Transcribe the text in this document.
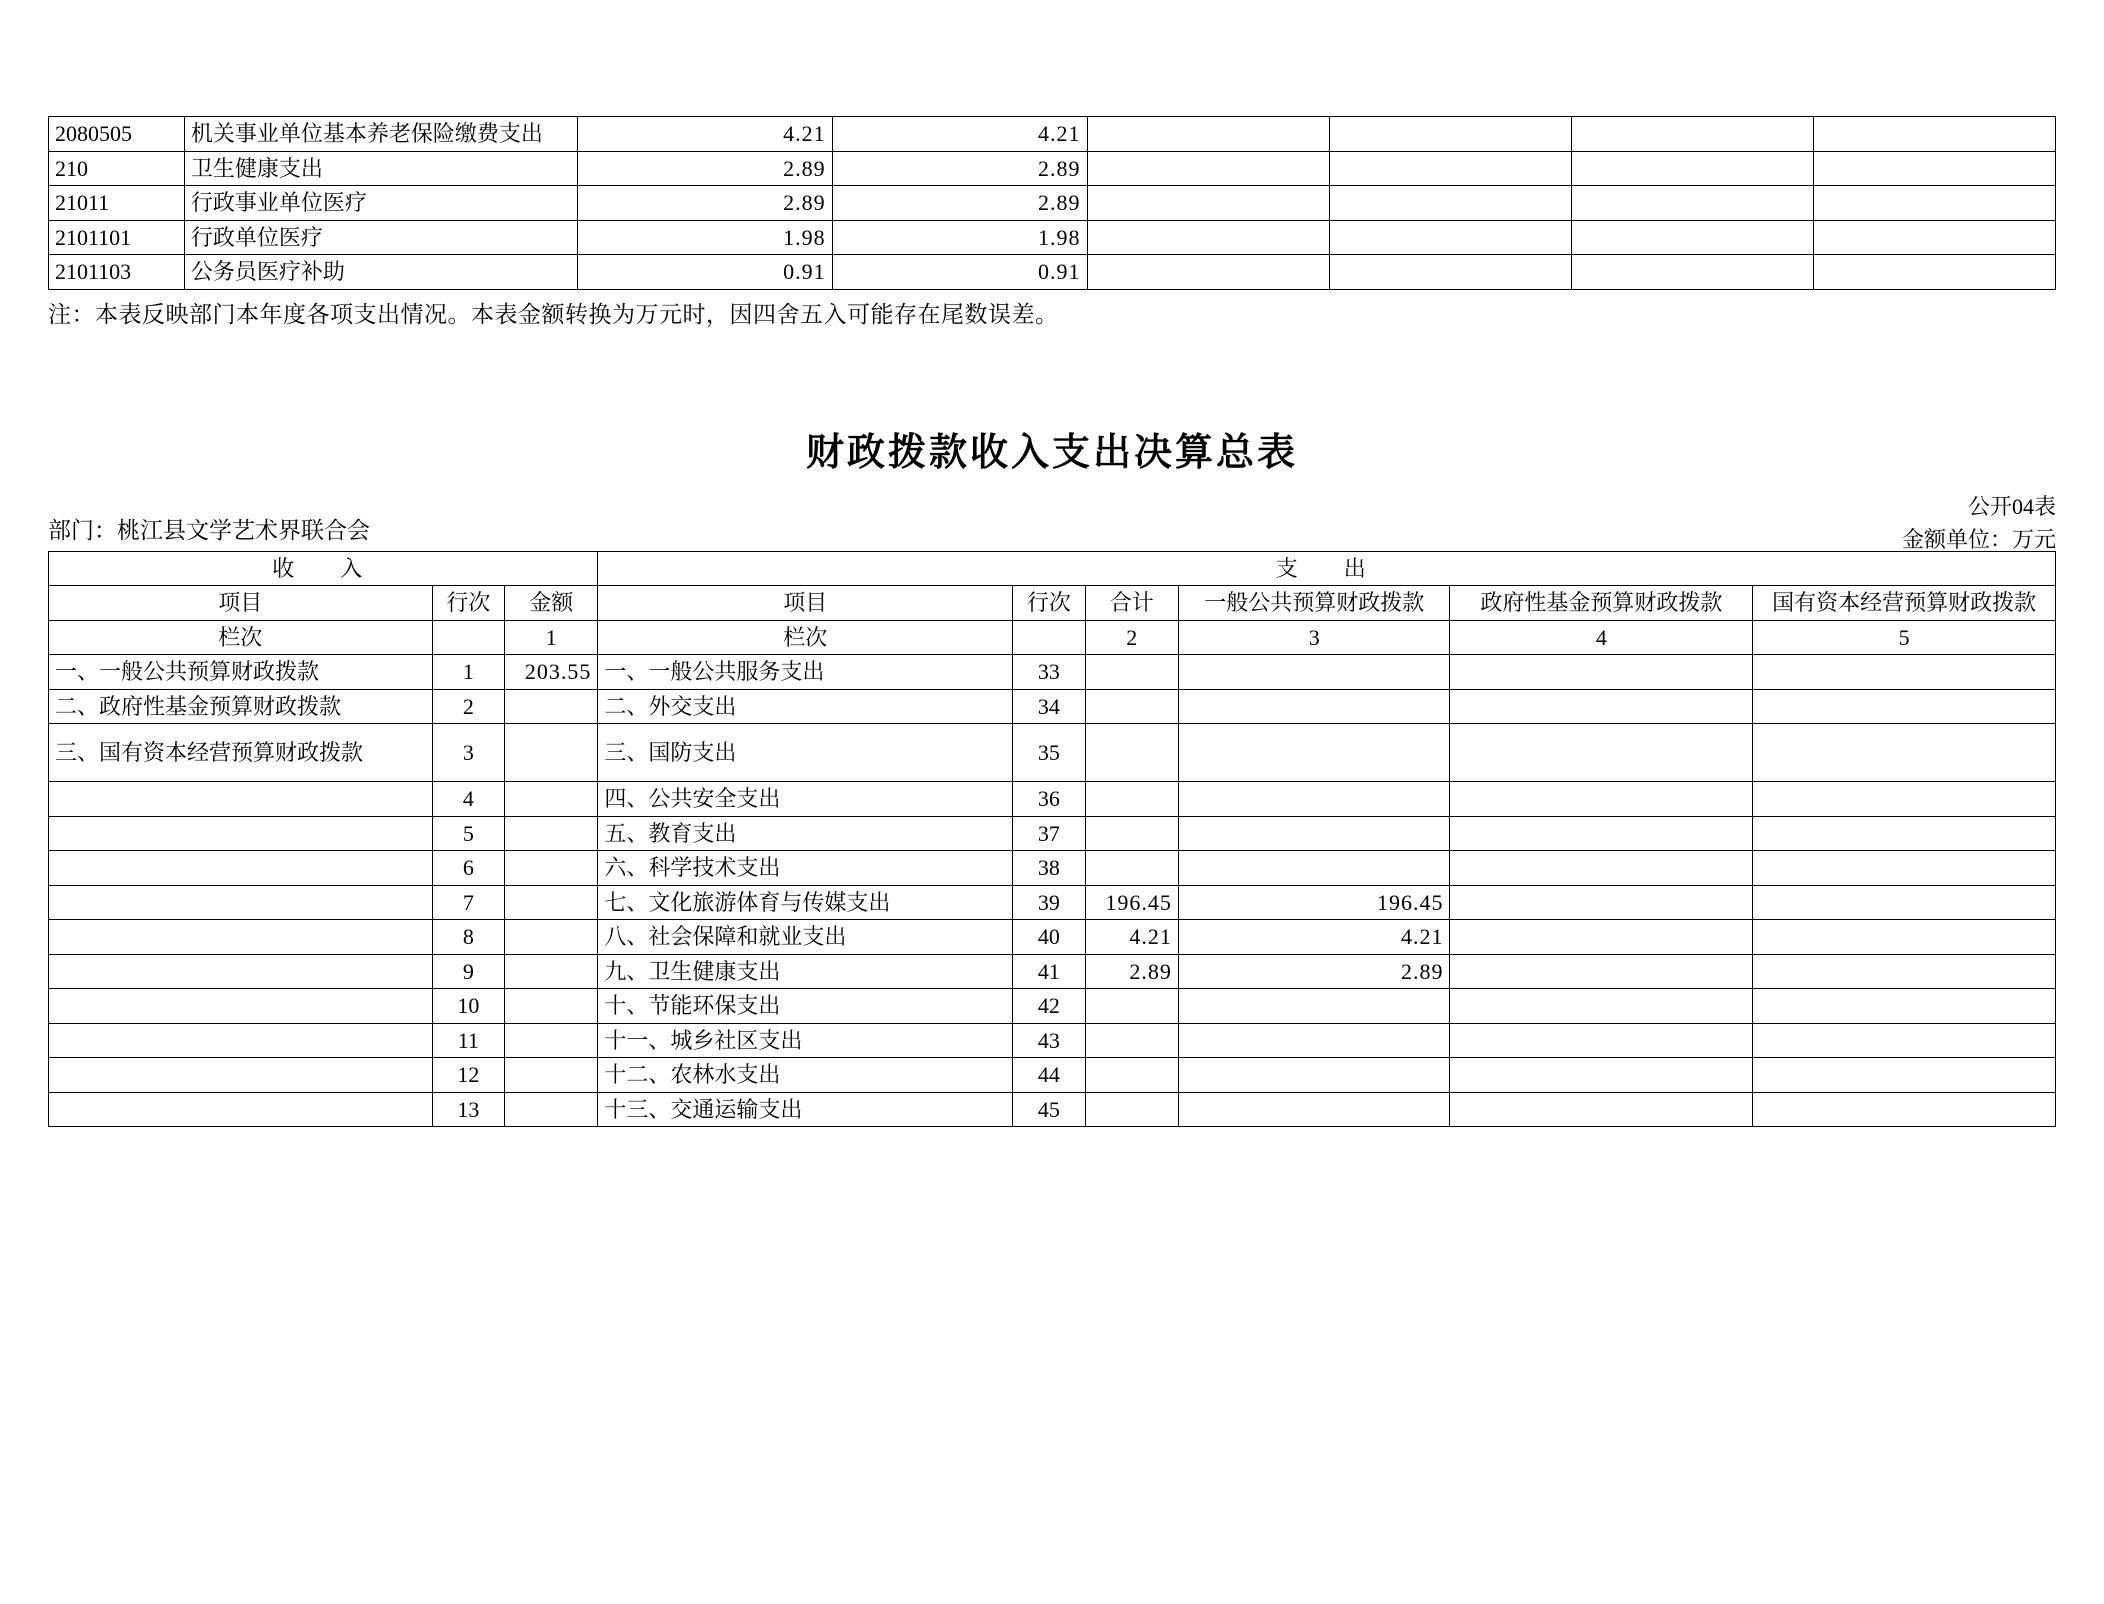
2080505	机关事业单位基本养老保险缴费支出	4.21	4.21				
210	卫生健康支出	2.89	2.89				
21011	行政事业单位医疗	2.89	2.89				
2101101	行政单位医疗	1.98	1.98				
2101103	公务员医疗补助	0.91	0.91				
注：本表反映部门本年度各项支出情况。本表金额转换为万元时，因四舍五入可能存在尾数误差。
财政拨款收入支出决算总表
公开04表
金额单位：万元
部门：桃江县文学艺术界联合会
收　入			支　出					
项目	行次	金额	项目	行次	合计	一般公共预算财政拨款	政府性基金预算财政拨款	国有资本经营预算财政拨款
栏次		1	栏次		2	3	4	5
一、一般公共预算财政拨款	1	203.55	一、一般公共服务支出	33				
二、政府性基金预算财政拨款	2		二、外交支出	34				
三、国有资本经营预算财政拨款	3		三、国防支出	35				
	4		四、公共安全支出	36				
	5		五、教育支出	37				
	6		六、科学技术支出	38				
	7		七、文化旅游体育与传媒支出	39	196.45	196.45		
	8		八、社会保障和就业支出	40	4.21	4.21		
	9		九、卫生健康支出	41	2.89	2.89		
	10		十、节能环保支出	42				
	11		十一、城乡社区支出	43				
	12		十二、农林水支出	44				
	13		十三、交通运输支出	45				
